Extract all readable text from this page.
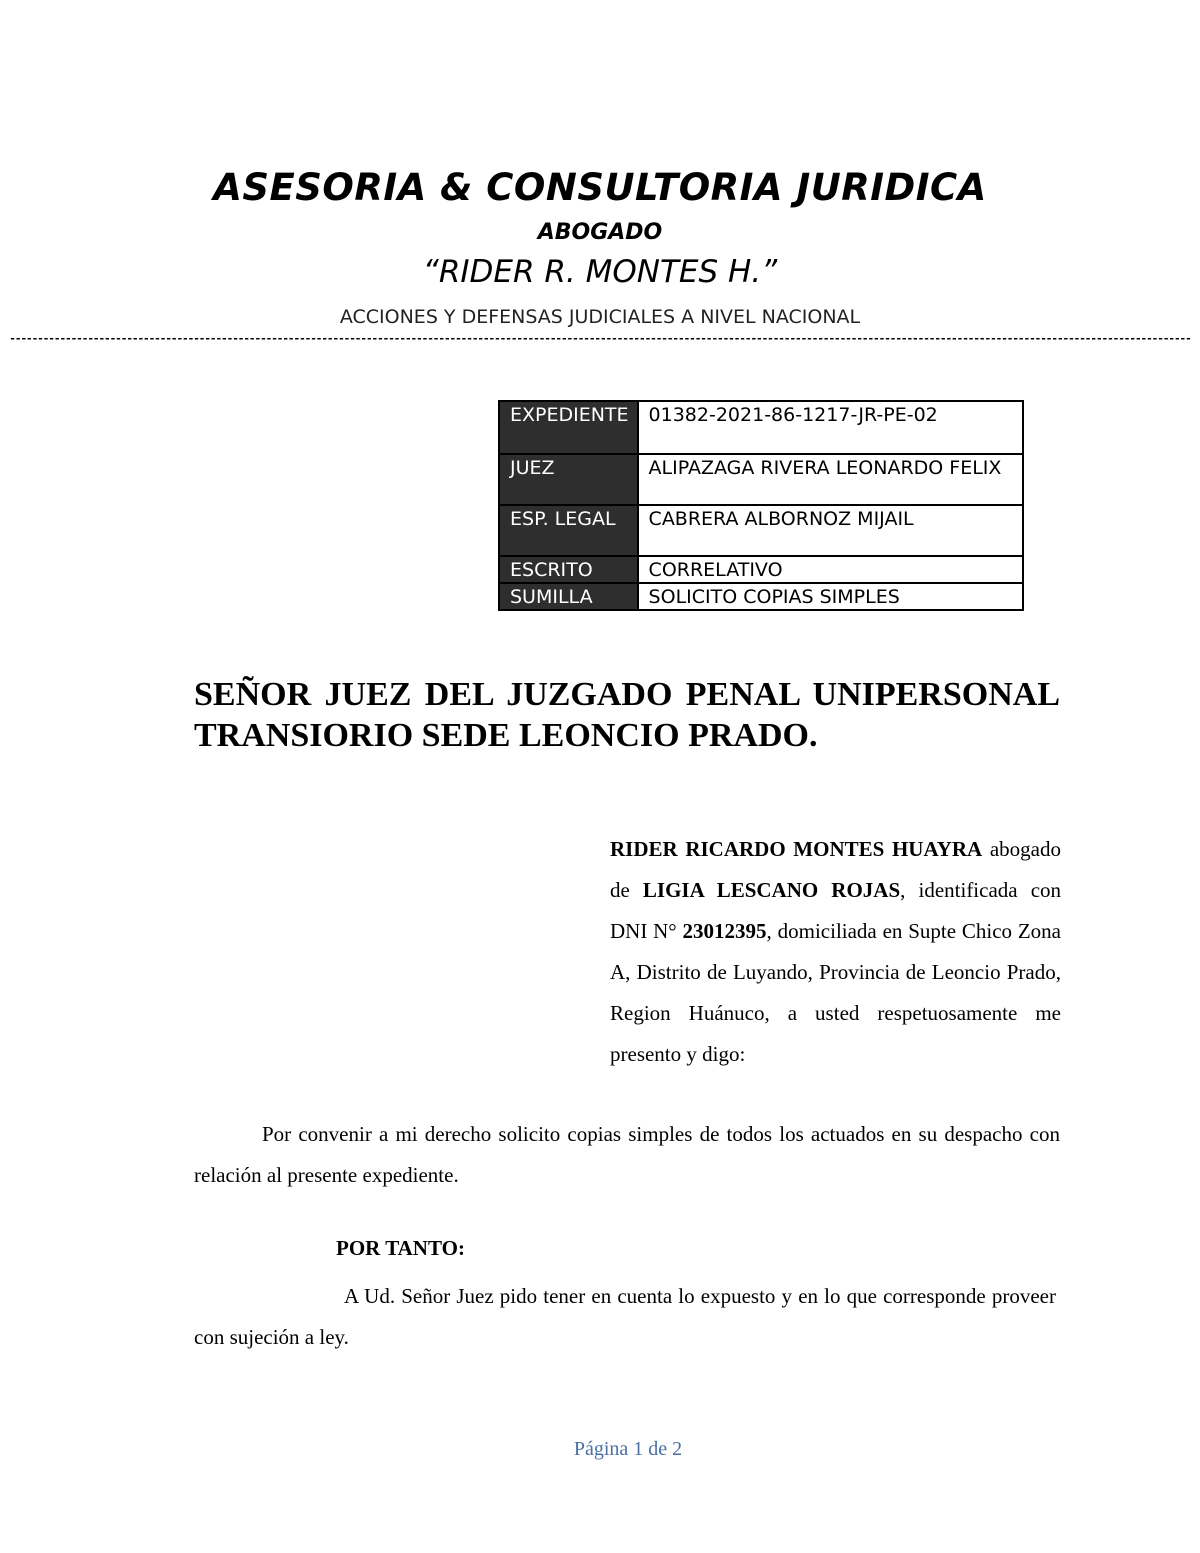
ASESORIA & CONSULTORIA JURIDICA
ABOGADO
“RIDER R. MONTES H.”
ACCIONES Y DEFENSAS JUDICIALES A NIVEL NACIONAL
--------------------------------------------------------------------------------------------------------------------------------------------------------------------------------------------------------------------
EXPEDIENTE	01382-2021-86-1217-JR-PE-02
JUEZ	ALIPAZAGA RIVERA LEONARDO FELIX
ESP. LEGAL	CABRERA ALBORNOZ MIJAIL
ESCRITO	CORRELATIVO
SUMILLA	SOLICITO COPIAS SIMPLES
SEÑOR JUEZ DEL JUZGADO PENAL UNIPERSONAL TRANSIORIO SEDE LEONCIO PRADO.
RIDER RICARDO MONTES HUAYRA abogado de LIGIA LESCANO ROJAS, identificada con DNI N° 23012395, domiciliada en Supte Chico Zona A, Distrito de Luyando, Provincia de Leoncio Prado, Region Huánuco, a usted respetuosamente me presento y digo:
Por convenir a mi derecho solicito copias simples de todos los actuados en su despacho con relación al presente expediente.
POR TANTO:
A Ud. Señor Juez pido tener en cuenta lo expuesto y en lo que corresponde proveer con sujeción a ley.
Página 1 de 2
